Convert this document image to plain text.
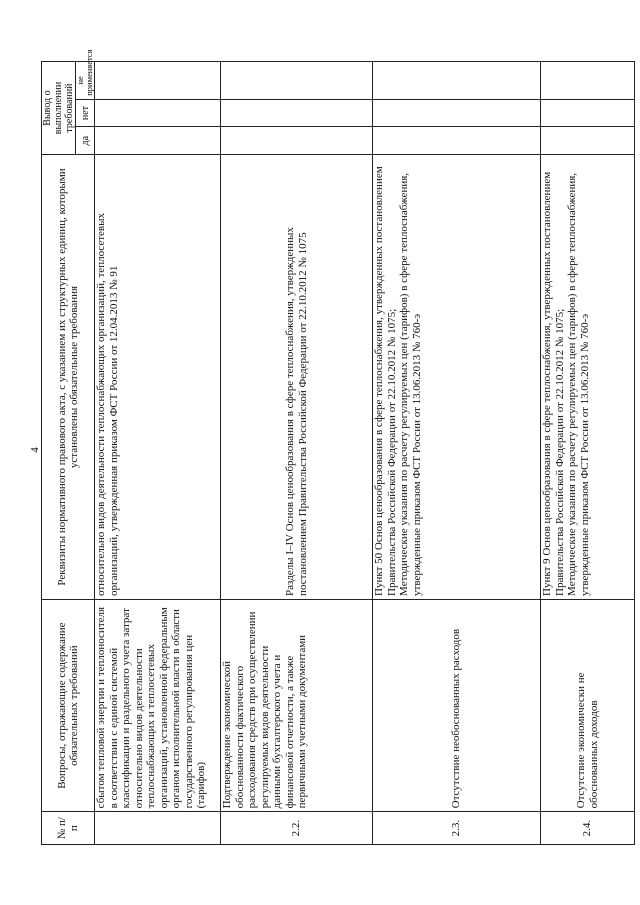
4
№ п/п	Вопросы, отражающие содержание обязательных требований	Реквизиты нормативного правового акта, с указанием их структурных единиц, которыми установлены обязательные требования	Вывод о выполнении требований		
			да	нет	не применяется
	сбытом тепловой энергии и теплоносителя в соответствии с единой системой классификации и раздельного учета затрат относительно видов деятельности теплоснабжающих и теплосетевых организаций, установленной федеральным органом исполнительной власти в области государственного регулирования цен (тарифов)	относительно видов деятельности теплоснабжающих организаций, теплосетевых организаций, утвержденная приказом ФСТ России от 12.04.2013 № 91			

2.2.	Подтверждение экономической обоснованности фактического расходования средств при осуществлении регулируемых видов деятельности данными бухгалтерского учета и финансовой отчетности, а также первичными учетными документами	Разделы I–IV Основ ценообразования в сфере теплоснабжения, утвержденных постановлением Правительства Российской Федерации от 22.10.2012 № 1075			

2.3.	Отсутствие необоснованных расходов	Пункт 50 Основ ценообразования в сфере теплоснабжения, утвержденных постановлением Правительства Российской Федерации от 22.10.2012 № 1075; Методические указания по расчету регулируемых цен (тарифов) в сфере теплоснабжения, утвержденные приказом ФСТ России от 13.06.2013 № 760-э			

2.4.	Отсутствие экономически не обоснованных доходов	Пункт 9 Основ ценообразования в сфере теплоснабжения, утвержденных постановлением Правительства Российской Федерации от 22.10.2012 № 1075; Методические указания по расчету регулируемых цен (тарифов) в сфере теплоснабжения, утвержденные приказом ФСТ России от 13.06.2013 № 760-э			
